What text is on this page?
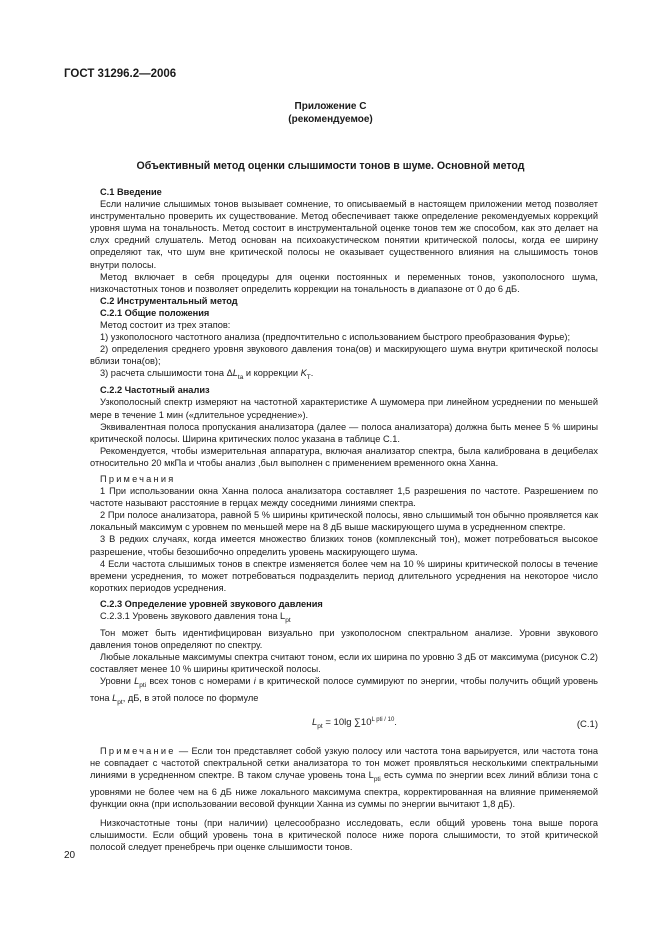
ГОСТ 31296.2—2006
Приложение С
(рекомендуемое)
Объективный метод оценки слышимости тонов в шуме. Основной метод

С.1 Введение

Если наличие слышимых тонов вызывает сомнение, то описываемый в настоящем приложении метод позволяет инструментально проверить их существование. Метод обеспечивает также определение рекомендуемых коррекций уровня шума на тональность. Метод состоит в инструментальной оценке тонов тем же способом, как это делает на слух средний слушатель. Метод основан на психоакустическом понятии критической полосы, когда ее ширину определяют так, что шум вне критической полосы не оказывает существенного влияния на слышимость тонов внутри полосы.

Метод включает в себя процедуры для оценки постоянных и переменных тонов, узкополосного шума, низкочастотных тонов и позволяет определить коррекции на тональность в диапазоне от 0 до 6 дБ.

С.2 Инструментальный метод

С.2.1 Общие положения

Метод состоит из трех этапов:

1) узкополосного частотного анализа (предпочтительно с использованием быстрого преобразования Фурье);

2) определения среднего уровня звукового давления тона(ов) и маскирующего шума внутри критической полосы вблизи тона(ов);

3) расчета слышимости тона $\Delta L_{ta}$ и коррекции $K_T$.

С.2.2 Частотный анализ

Узкополосный спектр измеряют на частотной характеристике A шумомера при линейном усреднении по меньшей мере в течение 1 мин («длительное усреднение»).

Эквивалентная полоса пропускания анализатора (далее — полоса анализатора) должна быть менее 5 % ширины критической полосы. Ширина критических полос указана в таблице С.1.

Рекомендуется, чтобы измерительная аппаратура, включая анализатор спектра, была калибрована в децибелах относительно 20 мкПа и чтобы анализ ,был выполнен с применением временного окна Ханна.

Примечания

1 При использовании окна Ханна полоса анализатора составляет 1,5 разрешения по частоте. Разрешением по частоте называют расстояние в герцах между соседними линиями спектра.

2 При полосе анализатора, равной 5 % ширины критической полосы, явно слышимый тон обычно проявляется как локальный максимум с уровнем по меньшей мере на 8 дБ выше маскирующего шума в усредненном спектре.

3 В редких случаях, когда имеется множество близких тонов (комплексный тон), может потребоваться высокое разрешение, чтобы безошибочно определить уровень маскирующего шума.

4 Если частота слышимых тонов в спектре изменяется более чем на 10 % ширины критической полосы в течение времени усреднения, то может потребоваться подразделить период длительного усреднения на некоторое число коротких периодов усреднения.

С.2.3 Определение уровней звукового давления

С.2.3.1 Уровень звукового давления тона $L_{pt}$

Тон может быть идентифицирован визуально при узкополосном спектральном анализе. Уровни звукового давления тонов определяют по спектру.

Любые локальные максимумы спектра считают тоном, если их ширина по уровню 3 дБ от максимума (рисунок С.2) составляет менее 10 % ширины критической полосы.

Уровни $L_{pti}$ всех тонов с номерами i в критической полосе суммируют по энергии, чтобы получить общий уровень тона $L_{pt}$, дБ, в этой полосе по формуле

$L_{pt} = 10\lg$ $\sum 10^{L pti / 10}$.	(С.1)

Примечание — Если тон представляет собой узкую полосу или частота тона варьируется, или частота тона не совпадает с частотой спектральной сетки анализатора то тон может проявляться несколькими спектральными линиями в усредненном спектре. В таком случае уровень тона $L_{pti}$ есть сумма по энергии всех линий вблизи тона с уровнями не более чем на 6 дБ ниже локального максимума спектра, корректированная на влияние применяемой функции окна (при использовании весовой функции Ханна из суммы по энергии вычитают 1,8 дБ).

Низкочастотные тоны (при наличии) целесообразно исследовать, если общий уровень тона выше порога слышимости. Если общий уровень тона в критической полосе ниже порога слышимости, то этой критической полосой следует пренебречь при оценке слышимости тонов.

20
